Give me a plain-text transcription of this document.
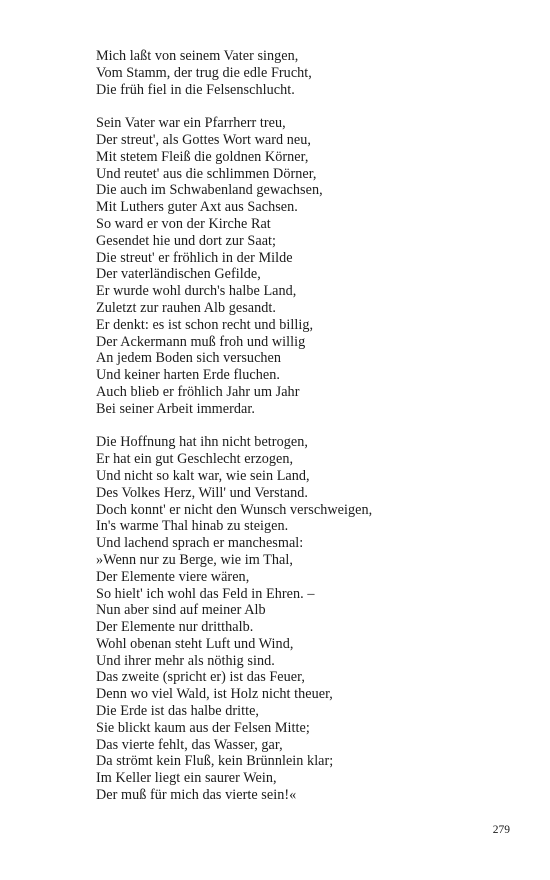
Mich laßt von seinem Vater singen,
Vom Stamm, der trug die edle Frucht,
Die früh fiel in die Felsenschlucht.
Sein Vater war ein Pfarrherr treu,
Der streut', als Gottes Wort ward neu,
Mit stetem Fleiß die goldnen Körner,
Und reutet' aus die schlimmen Dörner,
Die auch im Schwabenland gewachsen,
Mit Luthers guter Axt aus Sachsen.
So ward er von der Kirche Rat
Gesendet hie und dort zur Saat;
Die streut' er fröhlich in der Milde
Der vaterländischen Gefilde,
Er wurde wohl durch's halbe Land,
Zuletzt zur rauhen Alb gesandt.
Er denkt: es ist schon recht und billig,
Der Ackermann muß froh und willig
An jedem Boden sich versuchen
Und keiner harten Erde fluchen.
Auch blieb er fröhlich Jahr um Jahr
Bei seiner Arbeit immerdar.
Die Hoffnung hat ihn nicht betrogen,
Er hat ein gut Geschlecht erzogen,
Und nicht so kalt war, wie sein Land,
Des Volkes Herz, Will' und Verstand.
Doch konnt' er nicht den Wunsch verschweigen,
In's warme Thal hinab zu steigen.
Und lachend sprach er manchesmal:
»Wenn nur zu Berge, wie im Thal,
Der Elemente viere wären,
So hielt' ich wohl das Feld in Ehren. –
Nun aber sind auf meiner Alb
Der Elemente nur dritthalb.
Wohl obenan steht Luft und Wind,
Und ihrer mehr als nöthig sind.
Das zweite (spricht er) ist das Feuer,
Denn wo viel Wald, ist Holz nicht theuer,
Die Erde ist das halbe dritte,
Sie blickt kaum aus der Felsen Mitte;
Das vierte fehlt, das Wasser, gar,
Da strömt kein Fluß, kein Brünnlein klar;
Im Keller liegt ein saurer Wein,
Der muß für mich das vierte sein!«
279
